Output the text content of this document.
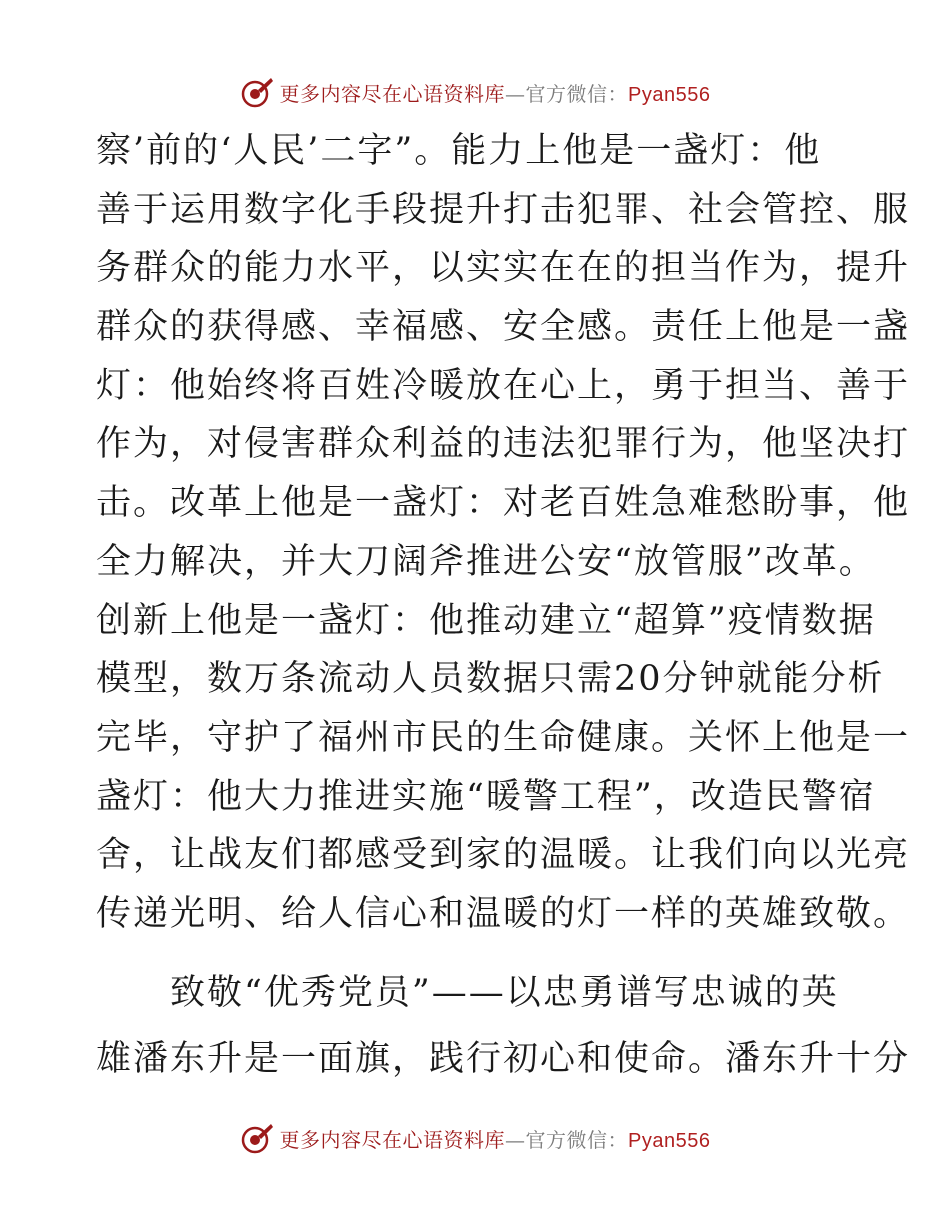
更多内容尽在心语资料库—官方微信：Pyan556
察’前的‘人民’二字”。能力上他是一盏灯：他
善于运用数字化手段提升打击犯罪、社会管控、服
务群众的能力水平，以实实在在的担当作为，提升
群众的获得感、幸福感、安全感。责任上他是一盏
灯：他始终将百姓冷暖放在心上，勇于担当、善于
作为，对侵害群众利益的违法犯罪行为，他坚决打
击。改革上他是一盏灯：对老百姓急难愁盼事，他
全力解决，并大刀阔斧推进公安“放管服”改革。
创新上他是一盏灯：他推动建立“超算”疫情数据
模型，数万条流动人员数据只需20分钟就能分析
完毕，守护了福州市民的生命健康。关怀上他是一
盏灯：他大力推进实施“暖警工程”，改造民警宿
舍，让战友们都感受到家的温暖。让我们向以光亮
传递光明、给人信心和温暖的灯一样的英雄致敬。
　　致敬“优秀党员”——以忠勇谱写忠诚的英
雄潘东升是一面旗，践行初心和使命。潘东升十分
更多内容尽在心语资料库—官方微信：Pyan556
